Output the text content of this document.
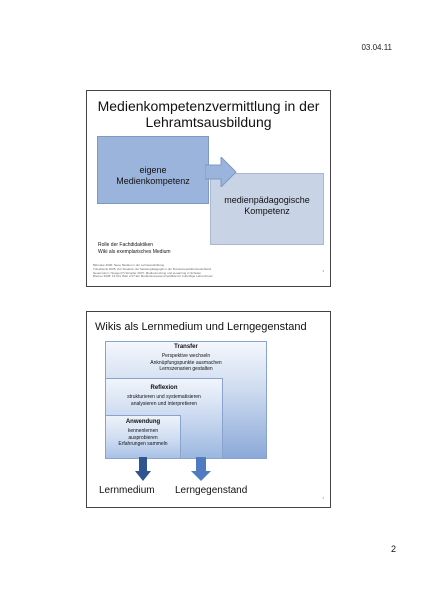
03.04.11
Medienkompetenzvermittlung in der
Lehramtsausbildung
eigene
Medienkompetenz
medienpädagogische
Kompetenz
Rolle der Fachdidaktiken
Wiki als exemplarisches Medium
Blömeke 2000: Neue Medien in der Lehrerausbildung
Tulodziecki 2005: Zur Situation der Medienpädagogik in der Bundesrepublik Deutschland
Neuermann / Seeger(?) Stimpfer 2007: Mediennutzung und eLearning in Schulen
Bremer 2008: Fit fürs Web 2.0? Ein Medienkompetenzzertifikat für zukünftige Lehrer/innen
3
Wikis als Lernmedium und Lerngegenstand
Transfer
Perspektive wechseln
Anknüpfungspunkte ausmachen
Lernszenarien gestalten
Reflexion
strukturieren und systematisieren
analysieren und interpretieren
Anwendung
kennenlernen
ausprobieren
Erfahrungen sammeln
Lernmedium Lerngegenstand
4
2
